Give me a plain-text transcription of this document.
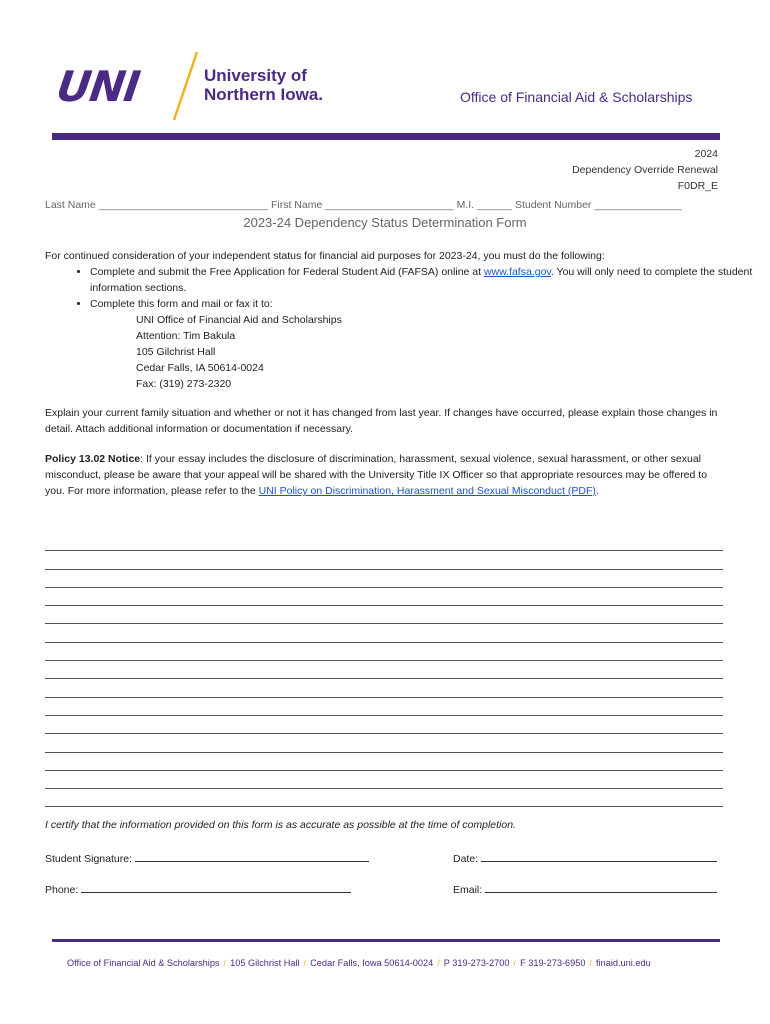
UNI	University of
Northern Iowa.	Office of Financial Aid & Scholarships
2024
Dependency Override Renewal
F0DR_E
Last Name _____________________________ First Name ______________________ M.I. ______ Student Number _______________
2023-24 Dependency Status Determination Form
For continued consideration of your independent status for financial aid purposes for 2023-24, you must do the following:
• Complete and submit the Free Application for Federal Student Aid (FAFSA) online at www.fafsa.gov. You will only need to complete the student information sections.
• Complete this form and mail or fax it to:
UNI Office of Financial Aid and Scholarships
Attention: Tim Bakula
105 Gilchrist Hall
Cedar Falls, IA 50614-0024
Fax: (319) 273-2320
Explain your current family situation and whether or not it has changed from last year. If changes have occurred, please explain those changes in detail. Attach additional information or documentation if necessary.
Policy 13.02 Notice: If your essay includes the disclosure of discrimination, harassment, sexual violence, sexual harassment, or other sexual misconduct, please be aware that your appeal will be shared with the University Title IX Officer so that appropriate resources may be offered to you. For more information, please refer to the UNI Policy on Discrimination, Harassment and Sexual Misconduct (PDF).
I certify that the information provided on this form is as accurate as possible at the time of completion.
Student Signature:	Date:
Phone:	Email:
Office of Financial Aid & Scholarships / 105 Gilchrist Hall / Cedar Falls, Iowa 50614-0024 / P 319-273-2700 / F 319-273-6950 / finaid.uni.edu
